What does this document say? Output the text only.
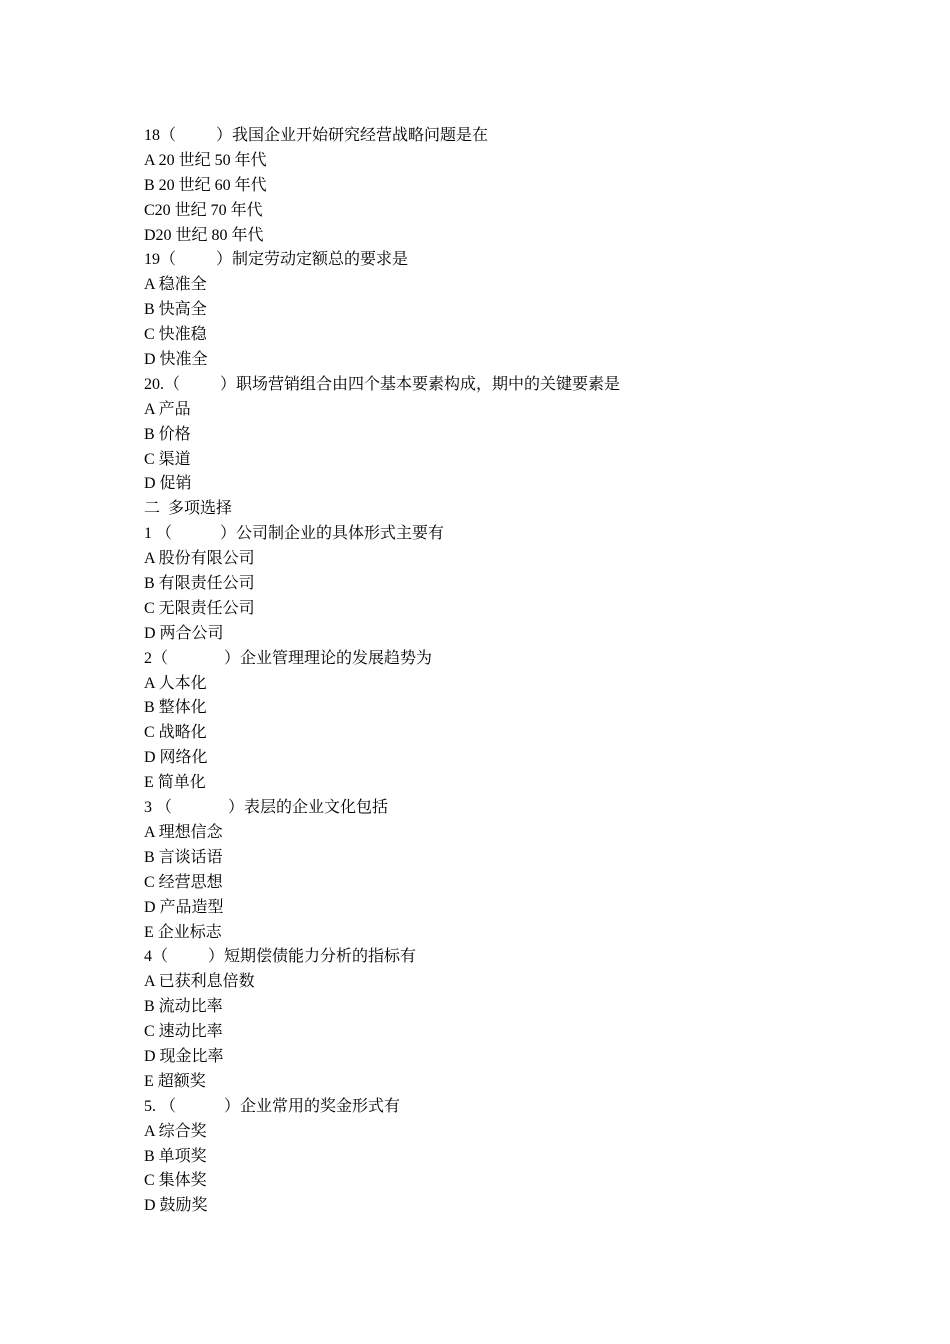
18（          ）我国企业开始研究经营战略问题是在
A 20 世纪 50 年代
B 20 世纪 60 年代
C20 世纪 70 年代
D20 世纪 80 年代
19（          ）制定劳动定额总的要求是
A 稳准全
B 快高全
C 快准稳
D 快准全
20.（          ）职场营销组合由四个基本要素构成，期中的关键要素是
A 产品
B 价格
C 渠道
D 促销
二  多项选择
1 （            ）公司制企业的具体形式主要有
A 股份有限公司
B 有限责任公司
C 无限责任公司
D 两合公司
2（              ）企业管理理论的发展趋势为
A 人本化
B 整体化
C 战略化
D 网络化
E 简单化
3 （              ）表层的企业文化包括
A 理想信念
B 言谈话语
C 经营思想
D 产品造型
E 企业标志
4（          ）短期偿债能力分析的指标有
A 已获利息倍数
B 流动比率
C 速动比率
D 现金比率
E 超额奖
5. （            ）企业常用的奖金形式有
A 综合奖
B 单项奖
C 集体奖
D 鼓励奖
